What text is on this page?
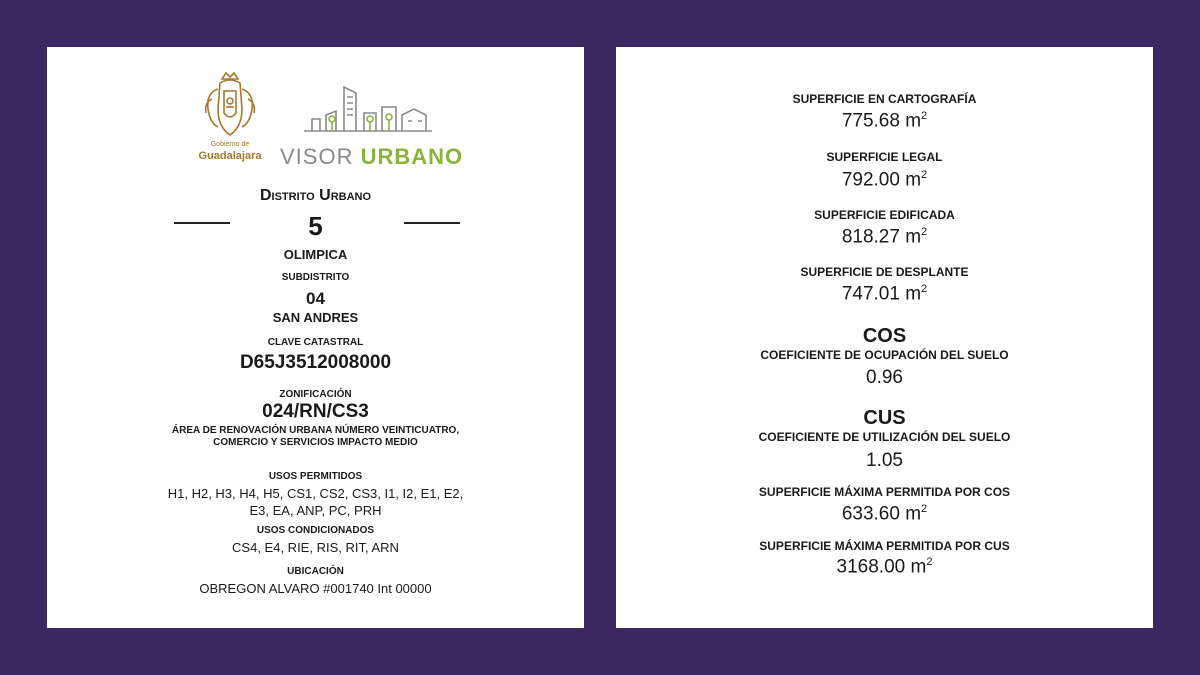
Gobierno de
Guadalajara VISOR URBANO
Distrito Urbano
5
OLIMPICA
SUBDISTRITO
04
SAN ANDRES
CLAVE CATASTRAL
D65J3512008000
ZONIFICACIÓN
024/RN/CS3
ÁREA DE RENOVACIÓN URBANA NÚMERO VEINTICUATRO, COMERCIO Y SERVICIOS IMPACTO MEDIO
USOS PERMITIDOS
H1, H2, H3, H4, H5, CS1, CS2, CS3, I1, I2, E1, E2, E3, EA, ANP, PC, PRH
USOS CONDICIONADOS
CS4, E4, RIE, RIS, RIT, ARN
UBICACIÓN
OBREGON ALVARO #001740 Int 00000
SUPERFICIE EN CARTOGRAFÍA
775.68 $m^2$
SUPERFICIE LEGAL
792.00 $m^2$
SUPERFICIE EDIFICADA
818.27 $m^2$
SUPERFICIE DE DESPLANTE
747.01 $m^2$
COS
COEFICIENTE DE OCUPACIÓN DEL SUELO
0.96
CUS
COEFICIENTE DE UTILIZACIÓN DEL SUELO
1.05
SUPERFICIE MÁXIMA PERMITIDA POR COS
633.60 $m^2$
SUPERFICIE MÁXIMA PERMITIDA POR CUS
3168.00 $m^2$
